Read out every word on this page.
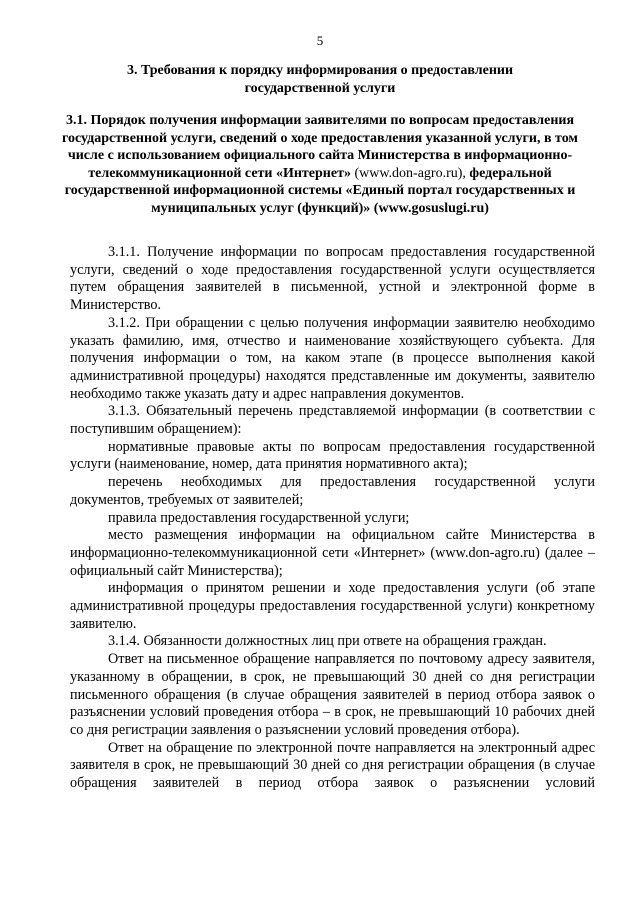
5
3. Требования к порядку информирования о предоставлении
государственной услуги
3.1. Порядок получения информации заявителями по вопросам предоставления государственной услуги, сведений о ходе предоставления указанной услуги, в том числе с использованием официального сайта Министерства в информационно-телекоммуникационной сети «Интернет» (www.don-agro.ru), федеральной государственной информационной системы «Единый портал государственных и муниципальных услуг (функций)» (www.gosuslugi.ru)

3.1.1. Получение информации по вопросам предоставления государственной услуги, сведений о ходе предоставления государственной услуги осуществляется путем обращения заявителей в письменной, устной и электронной форме в Министерство.

3.1.2. При обращении с целью получения информации заявителю необходимо указать фамилию, имя, отчество и наименование хозяйствующего субъекта. Для получения информации о том, на каком этапе (в процессе выполнения какой административной процедуры) находятся представленные им документы, заявителю необходимо также указать дату и адрес направления документов.

3.1.3. Обязательный перечень представляемой информации (в соответствии с поступившим обращением):

нормативные правовые акты по вопросам предоставления государственной услуги (наименование, номер, дата принятия нормативного акта);

перечень необходимых для предоставления государственной услуги документов, требуемых от заявителей;

правила предоставления государственной услуги;

место размещения информации на официальном сайте Министерства в информационно-телекоммуникационной сети «Интернет» (www.don-agro.ru) (далее – официальный сайт Министерства);

информация о принятом решении и ходе предоставления услуги (об этапе административной процедуры предоставления государственной услуги) конкретному заявителю.

3.1.4. Обязанности должностных лиц при ответе на обращения граждан.

Ответ на письменное обращение направляется по почтовому адресу заявителя, указанному в обращении, в срок, не превышающий 30 дней со дня регистрации письменного обращения (в случае обращения заявителей в период отбора заявок о разъяснении условий проведения отбора – в срок, не превышающий 10 рабочих дней со дня регистрации заявления о разъяснении условий проведения отбора).

Ответ на обращение по электронной почте направляется на электронный адрес заявителя в срок, не превышающий 30 дней со дня регистрации обращения (в случае обращения заявителей в период отбора заявок о разъяснении условий
